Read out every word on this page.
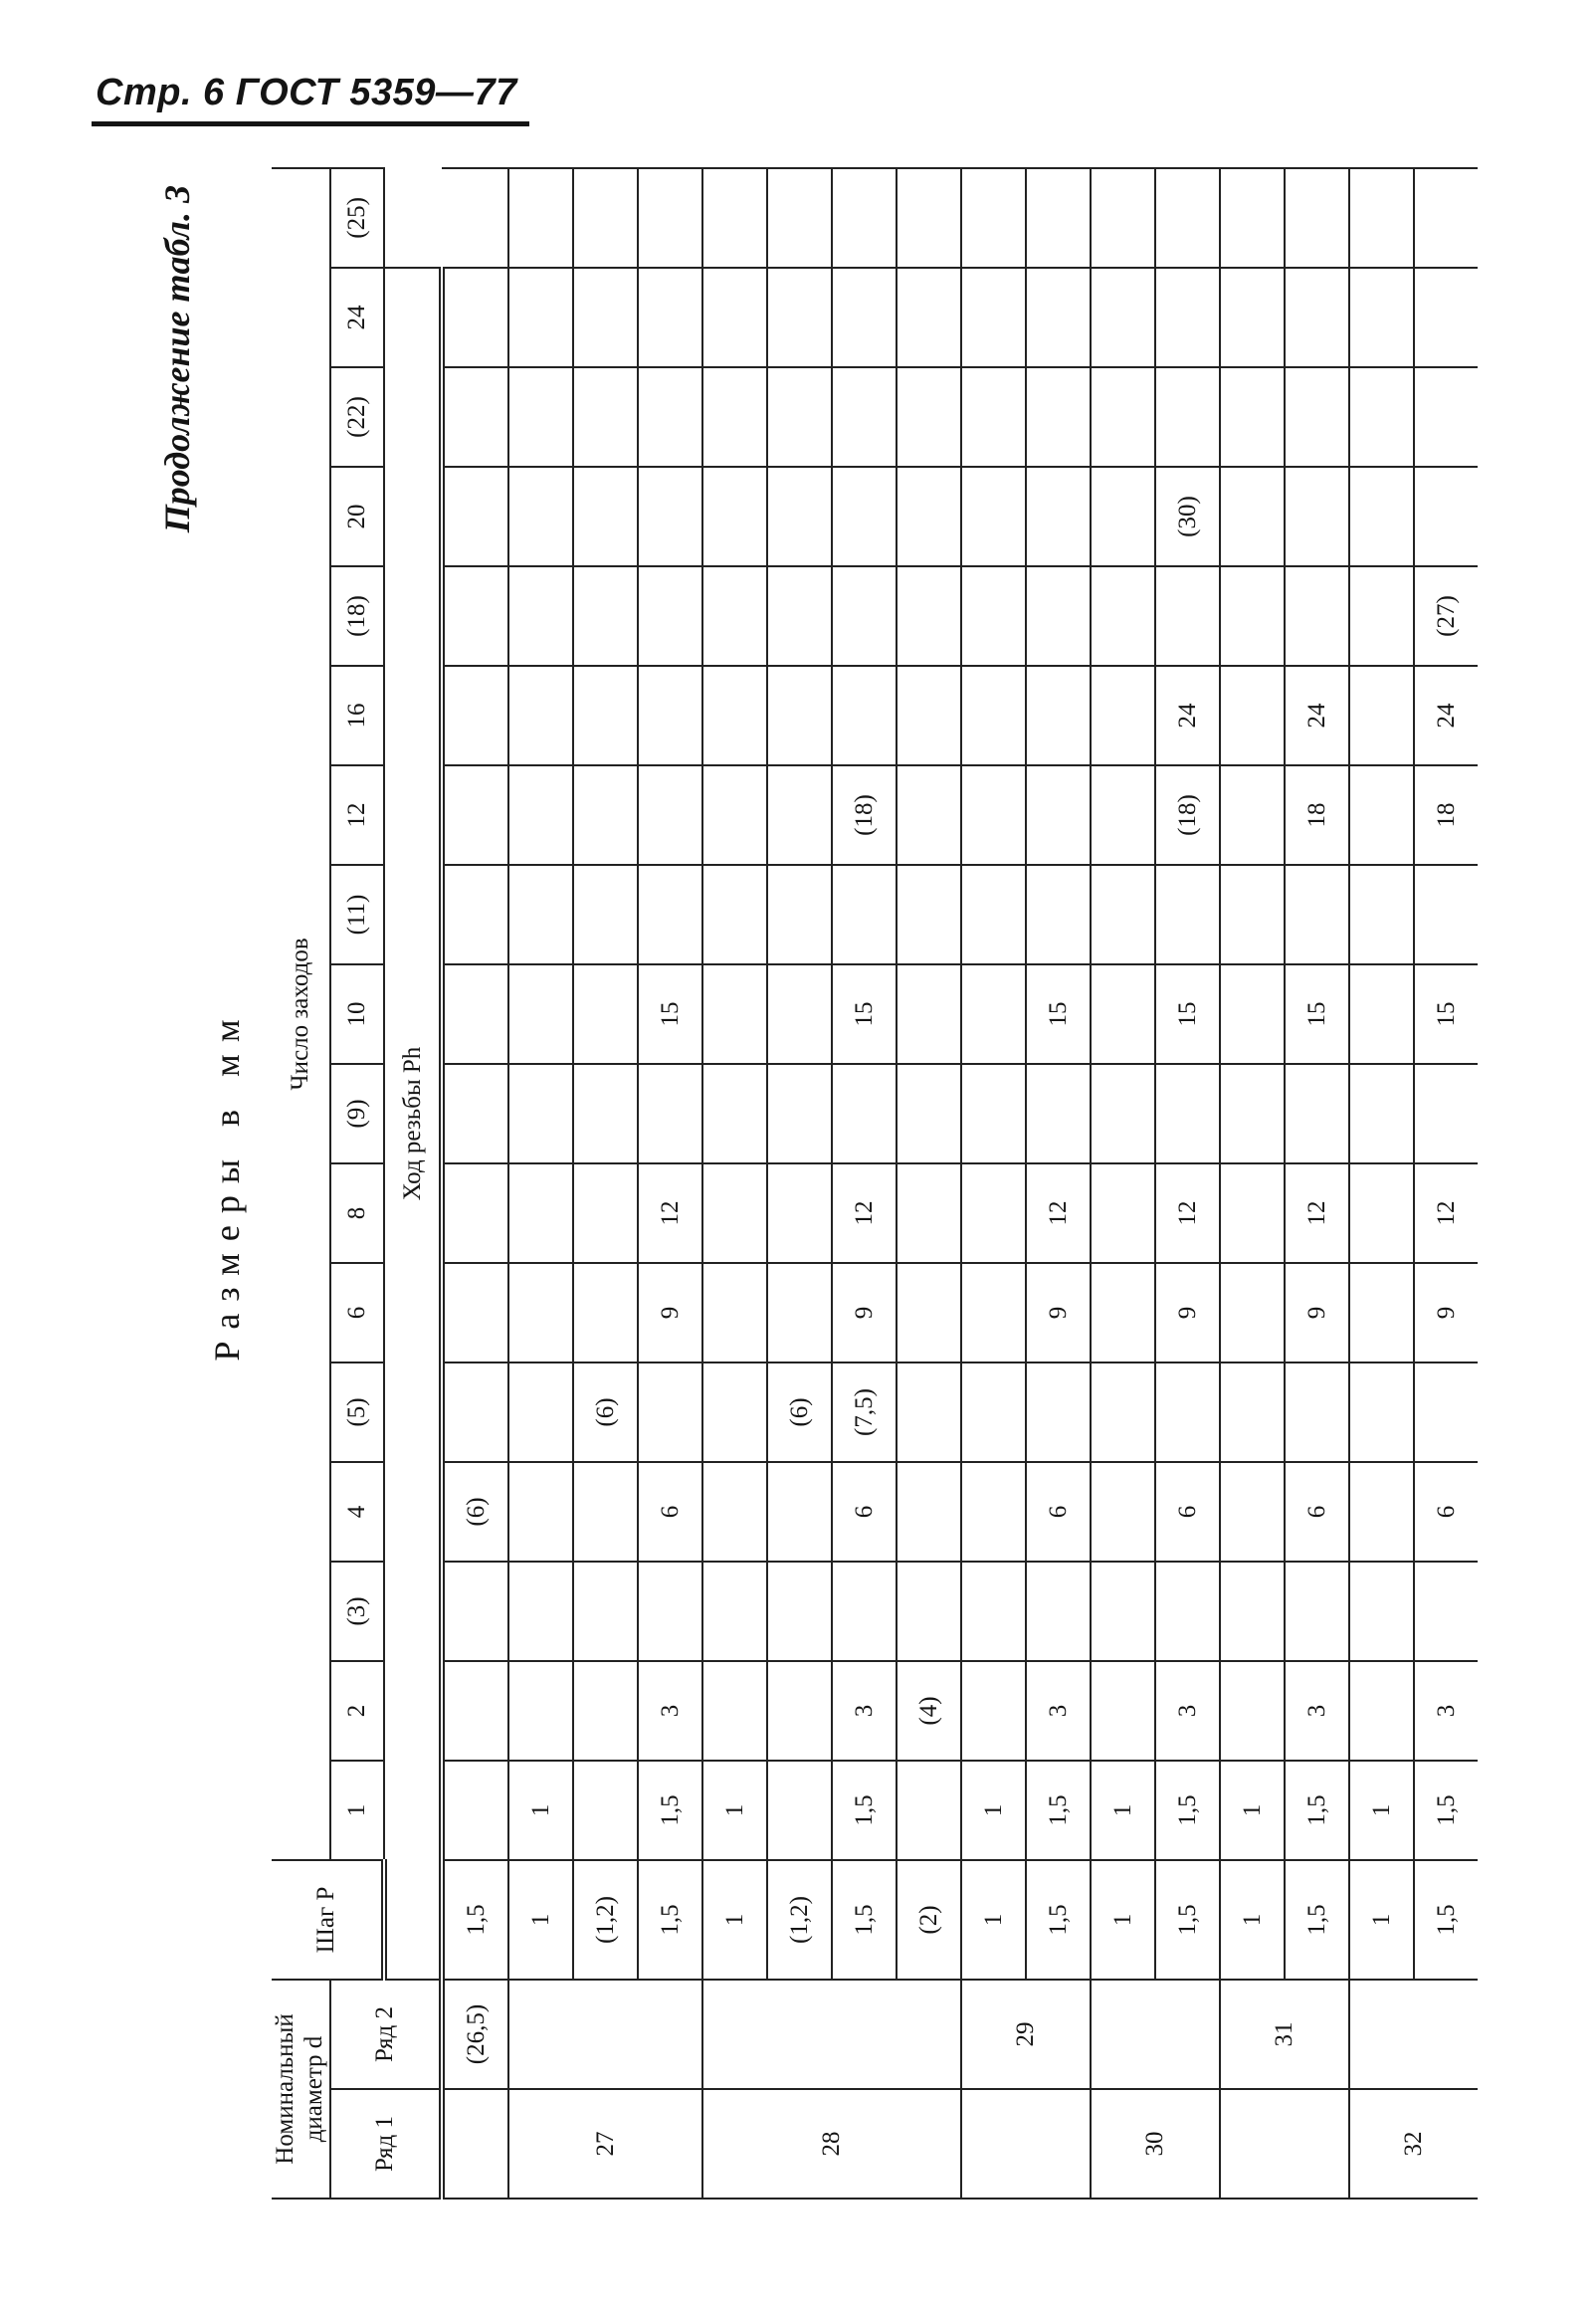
Стр. 6 ГОСТ 5359—77
Продолжение табл. 3
Размеры в мм
Номинальный диаметр d		Шаг P	Число заходов																
Ряд 1	Ряд 2		1	2	(3)	4	(5)	6	8	(9)	10	(11)	12	16	(18)	20	(22)	24	(25)
		Ход резьбы Ph																	
	(26,5)	1,5				(6)													
27		1	1																
		(1,2)					(6)												
		1,5	1,5	3		6		9	12		15								
28		1	1																
		(1,2)					(6)												
		1,5	1,5	3		6	(7,5)	9	12		15		(18)						
		(2)		(4)															
	29	1	1																
		1,5	1,5	3		6		9	12		15								
30		1	1																
		1,5	1,5	3		6		9	12		15		(18)	24		(30)			
	31	1	1																
		1,5	1,5	3		6		9	12		15		18	24					
32		1	1																
		1,5	1,5	3		6		9	12		15		18	24	(27)				
